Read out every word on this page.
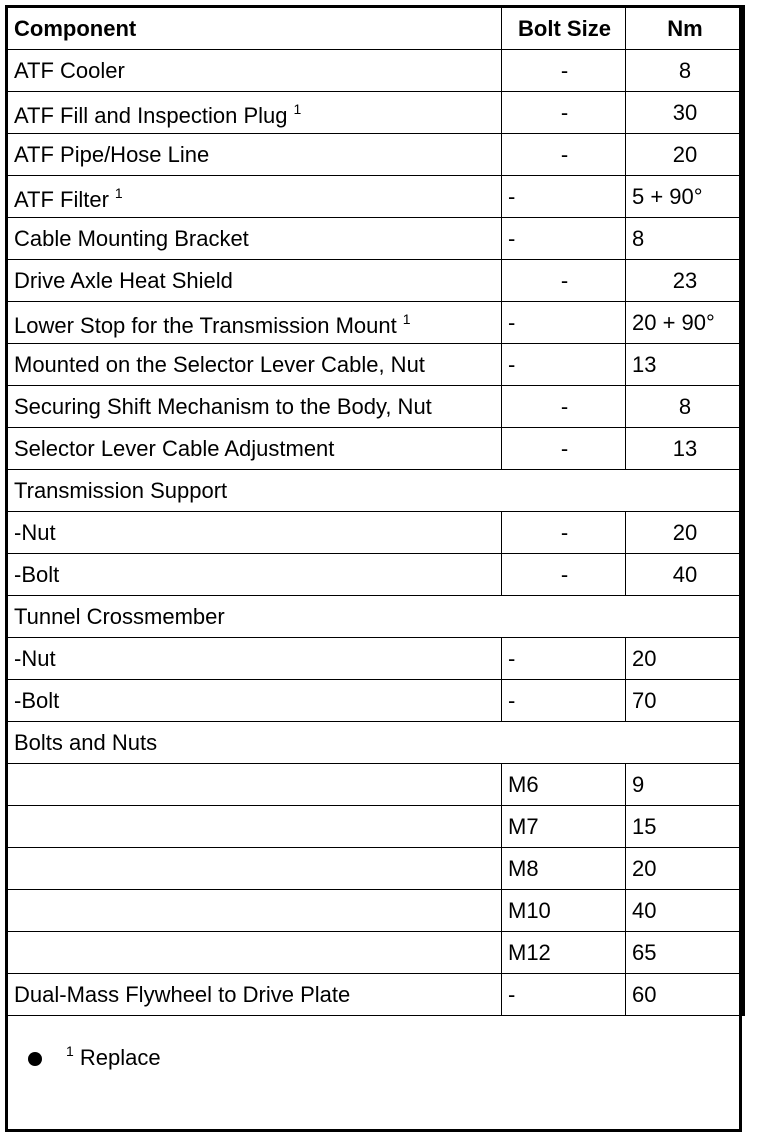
Component	Bolt Size	Nm
ATF Cooler	-	8
ATF Fill and Inspection Plug $^1$	-	30
ATF Pipe/Hose Line	-	20
ATF Filter $^1$	-	5 + 90°
Cable Mounting Bracket	-	8
Drive Axle Heat Shield	-	23
Lower Stop for the Transmission Mount $^1$	-	20 + 90°
Mounted on the Selector Lever Cable, Nut	-	13
Securing Shift Mechanism to the Body, Nut	-	8
Selector Lever Cable Adjustment	-	13
Transmission Support		
-Nut	-	20
-Bolt	-	40
Tunnel Crossmember		
-Nut	-	20
-Bolt	-	70
Bolts and Nuts		
	M6	9
	M7	15
	M8	20
	M10	40
	M12	65
Dual-Mass Flywheel to Drive Plate	-	60
$^1$ Replace
